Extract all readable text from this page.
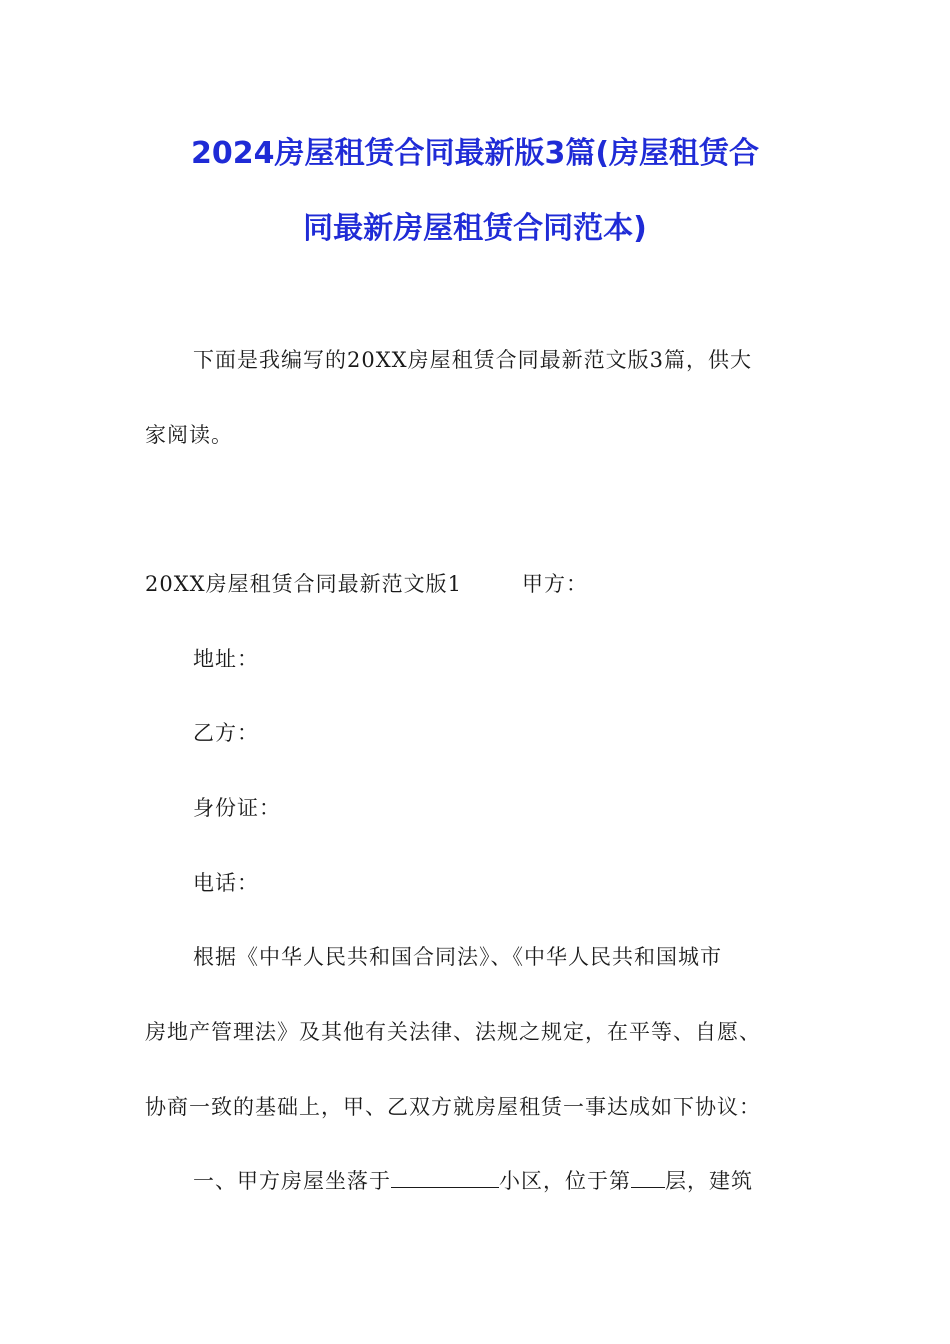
2024房屋租赁合同最新版3篇(房屋租赁合
同最新房屋租赁合同范本)
下面是我编写的20XX房屋租赁合同最新范文版3篇，供大
家阅读。
20XX房屋租赁合同最新范文版1	甲方：
地址：
乙方：
身份证：
电话：
根据《中华人民共和国合同法》、《中华人民共和国城市
房地产管理法》及其他有关法律、法规之规定，在平等、自愿、
协商一致的基础上，甲、乙双方就房屋租赁一事达成如下协议：
一、甲方房屋坐落于	小区，位于第 层，建筑
